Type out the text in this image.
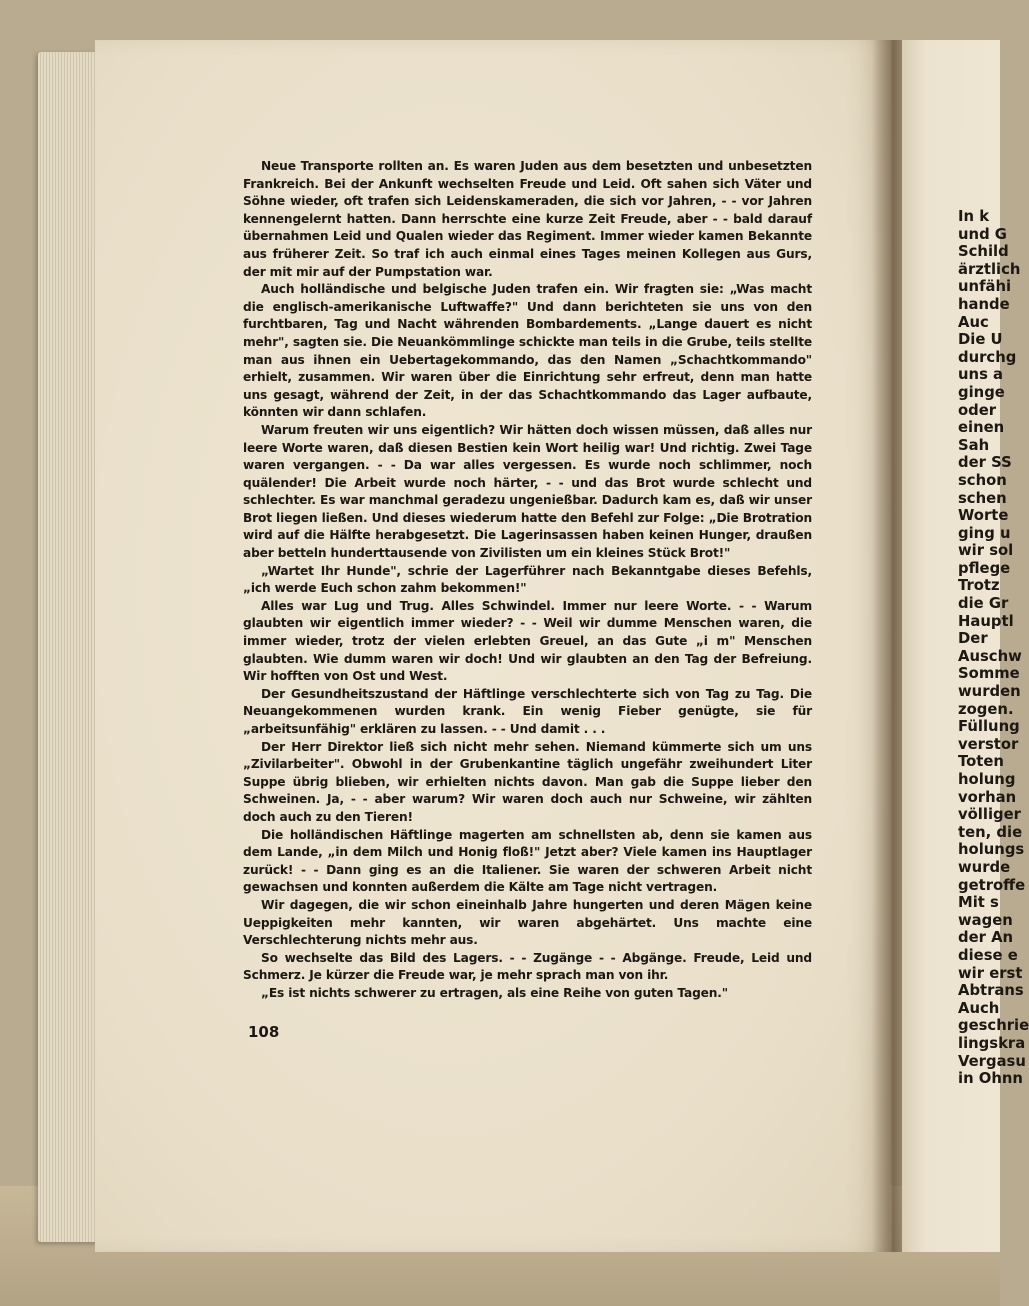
Neue Transporte rollten an. Es waren Juden aus dem besetzten und unbesetzten Frankreich. Bei der Ankunft wechselten Freude und Leid. Oft sahen sich Väter und Söhne wieder, oft trafen sich Leidenskameraden, die sich vor Jahren, - - vor Jahren kennengelernt hatten. Dann herrschte eine kurze Zeit Freude, aber - - bald darauf übernahmen Leid und Qualen wieder das Regiment. Immer wieder kamen Bekannte aus früherer Zeit. So traf ich auch einmal eines Tages meinen Kollegen aus Gurs, der mit mir auf der Pumpstation war.

Auch holländische und belgische Juden trafen ein. Wir fragten sie: „Was macht die englisch-amerikanische Luftwaffe?" Und dann berichteten sie uns von den furchtbaren, Tag und Nacht währenden Bombardements. „Lange dauert es nicht mehr", sagten sie. Die Neuankömmlinge schickte man teils in die Grube, teils stellte man aus ihnen ein Uebertagekommando, das den Namen „Schachtkommando" erhielt, zusammen. Wir waren über die Einrichtung sehr erfreut, denn man hatte uns gesagt, während der Zeit, in der das Schachtkommando das Lager aufbaute, könnten wir dann schlafen.

Warum freuten wir uns eigentlich? Wir hätten doch wissen müssen, daß alles nur leere Worte waren, daß diesen Bestien kein Wort heilig war! Und richtig. Zwei Tage waren vergangen. - - Da war alles vergessen. Es wurde noch schlimmer, noch quälender! Die Arbeit wurde noch härter, - - und das Brot wurde schlecht und schlechter. Es war manchmal geradezu ungenießbar. Dadurch kam es, daß wir unser Brot liegen ließen. Und dieses wiederum hatte den Befehl zur Folge: „Die Brotration wird auf die Hälfte herabgesetzt. Die Lagerinsassen haben keinen Hunger, draußen aber betteln hunderttausende von Zivilisten um ein kleines Stück Brot!"

„Wartet Ihr Hunde", schrie der Lagerführer nach Bekanntgabe dieses Befehls, „ich werde Euch schon zahm bekommen!"

Alles war Lug und Trug. Alles Schwindel. Immer nur leere Worte. - - Warum glaubten wir eigentlich immer wieder? - - Weil wir dumme Menschen waren, die immer wieder, trotz der vielen erlebten Greuel, an das Gute „i m" Menschen glaubten. Wie dumm waren wir doch! Und wir glaubten an den Tag der Befreiung. Wir hofften von Ost und West.

Der Gesundheitszustand der Häftlinge verschlechterte sich von Tag zu Tag. Die Neuangekommenen wurden krank. Ein wenig Fieber genügte, sie für „arbeitsunfähig" erklären zu lassen. - - Und damit . . .

Der Herr Direktor ließ sich nicht mehr sehen. Niemand kümmerte sich um uns „Zivilarbeiter". Obwohl in der Grubenkantine täglich ungefähr zweihundert Liter Suppe übrig blieben, wir erhielten nichts davon. Man gab die Suppe lieber den Schweinen. Ja, - - aber warum? Wir waren doch auch nur Schweine, wir zählten doch auch zu den Tieren!

Die holländischen Häftlinge magerten am schnellsten ab, denn sie kamen aus dem Lande, „in dem Milch und Honig floß!" Jetzt aber? Viele kamen ins Hauptlager zurück! - - Dann ging es an die Italiener. Sie waren der schweren Arbeit nicht gewachsen und konnten außerdem die Kälte am Tage nicht vertragen.

Wir dagegen, die wir schon eineinhalb Jahre hungerten und deren Mägen keine Ueppigkeiten mehr kannten, wir waren abgehärtet. Uns machte eine Verschlechterung nichts mehr aus.

So wechselte das Bild des Lagers. - - Zugänge - - Abgänge. Freude, Leid und Schmerz. Je kürzer die Freude war, je mehr sprach man von ihr.

„Es ist nichts schwerer zu ertragen, als eine Reihe von guten Tagen."

108
In k
und G
Schild
ärztlich
unfähi
hande
Auc
Die U
durchg
uns a
ginge
oder
einen
Sah
der SS
schon
schen
Worte
ging u
wir sol
pflege
Trotz
die Gr
Hauptl
Der
Auschw
Somme
wurden
zogen.
Füllung
verstor
Toten
holung
vorhan
völliger
ten, die
holungs
wurde
getroffe
Mit s
wagen
der An
diese e
wir erst
Abtrans
Auch
geschrie
lingskra
Vergasu
in Ohnn
